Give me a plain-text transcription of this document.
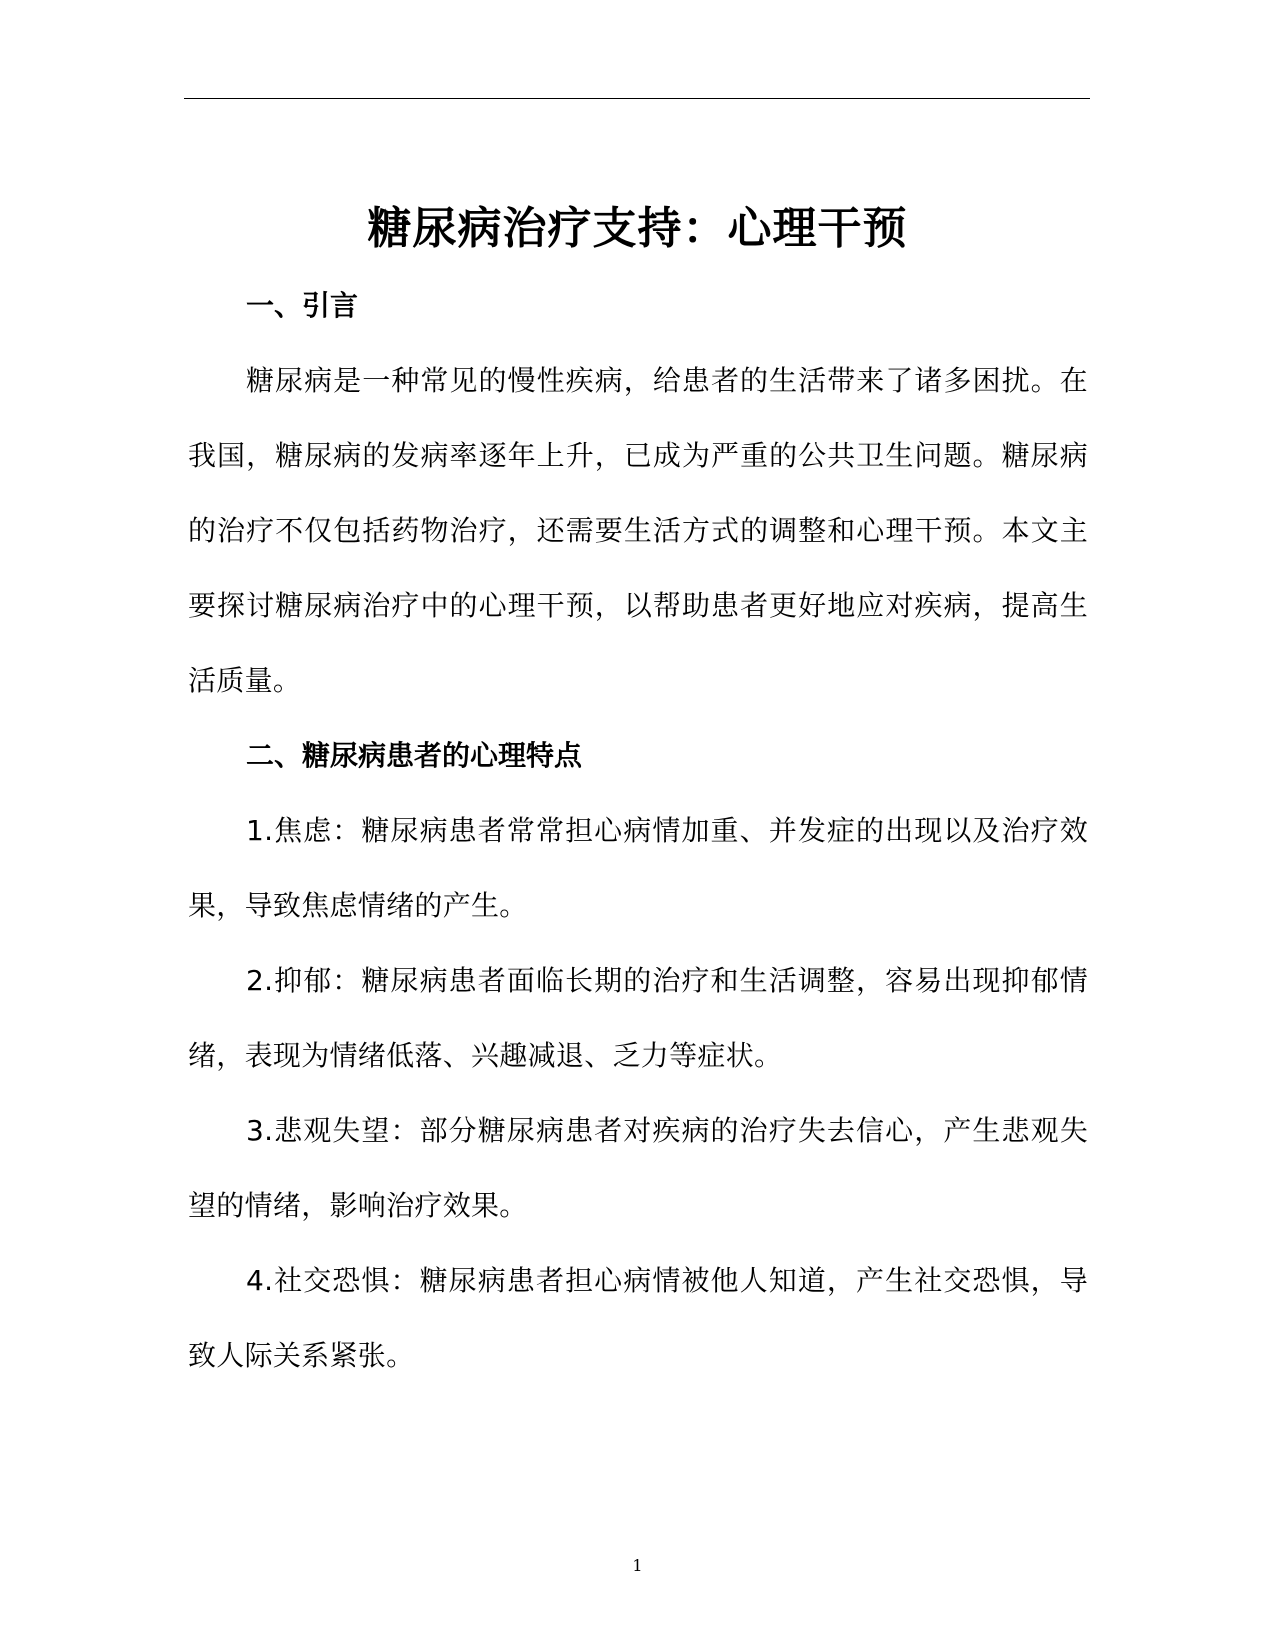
糖尿病治疗支持：心理干预
一、引言

糖尿病是一种常见的慢性疾病，给患者的生活带来了诸多困扰。在我国，糖尿病的发病率逐年上升，已成为严重的公共卫生问题。糖尿病的治疗不仅包括药物治疗，还需要生活方式的调整和心理干预。本文主要探讨糖尿病治疗中的心理干预，以帮助患者更好地应对疾病，提高生活质量。

二、糖尿病患者的心理特点

1.焦虑：糖尿病患者常常担心病情加重、并发症的出现以及治疗效果，导致焦虑情绪的产生。

2.抑郁：糖尿病患者面临长期的治疗和生活调整，容易出现抑郁情绪，表现为情绪低落、兴趣减退、乏力等症状。

3.悲观失望：部分糖尿病患者对疾病的治疗失去信心，产生悲观失望的情绪，影响治疗效果。

4.社交恐惧：糖尿病患者担心病情被他人知道，产生社交恐惧，导致人际关系紧张。

1
